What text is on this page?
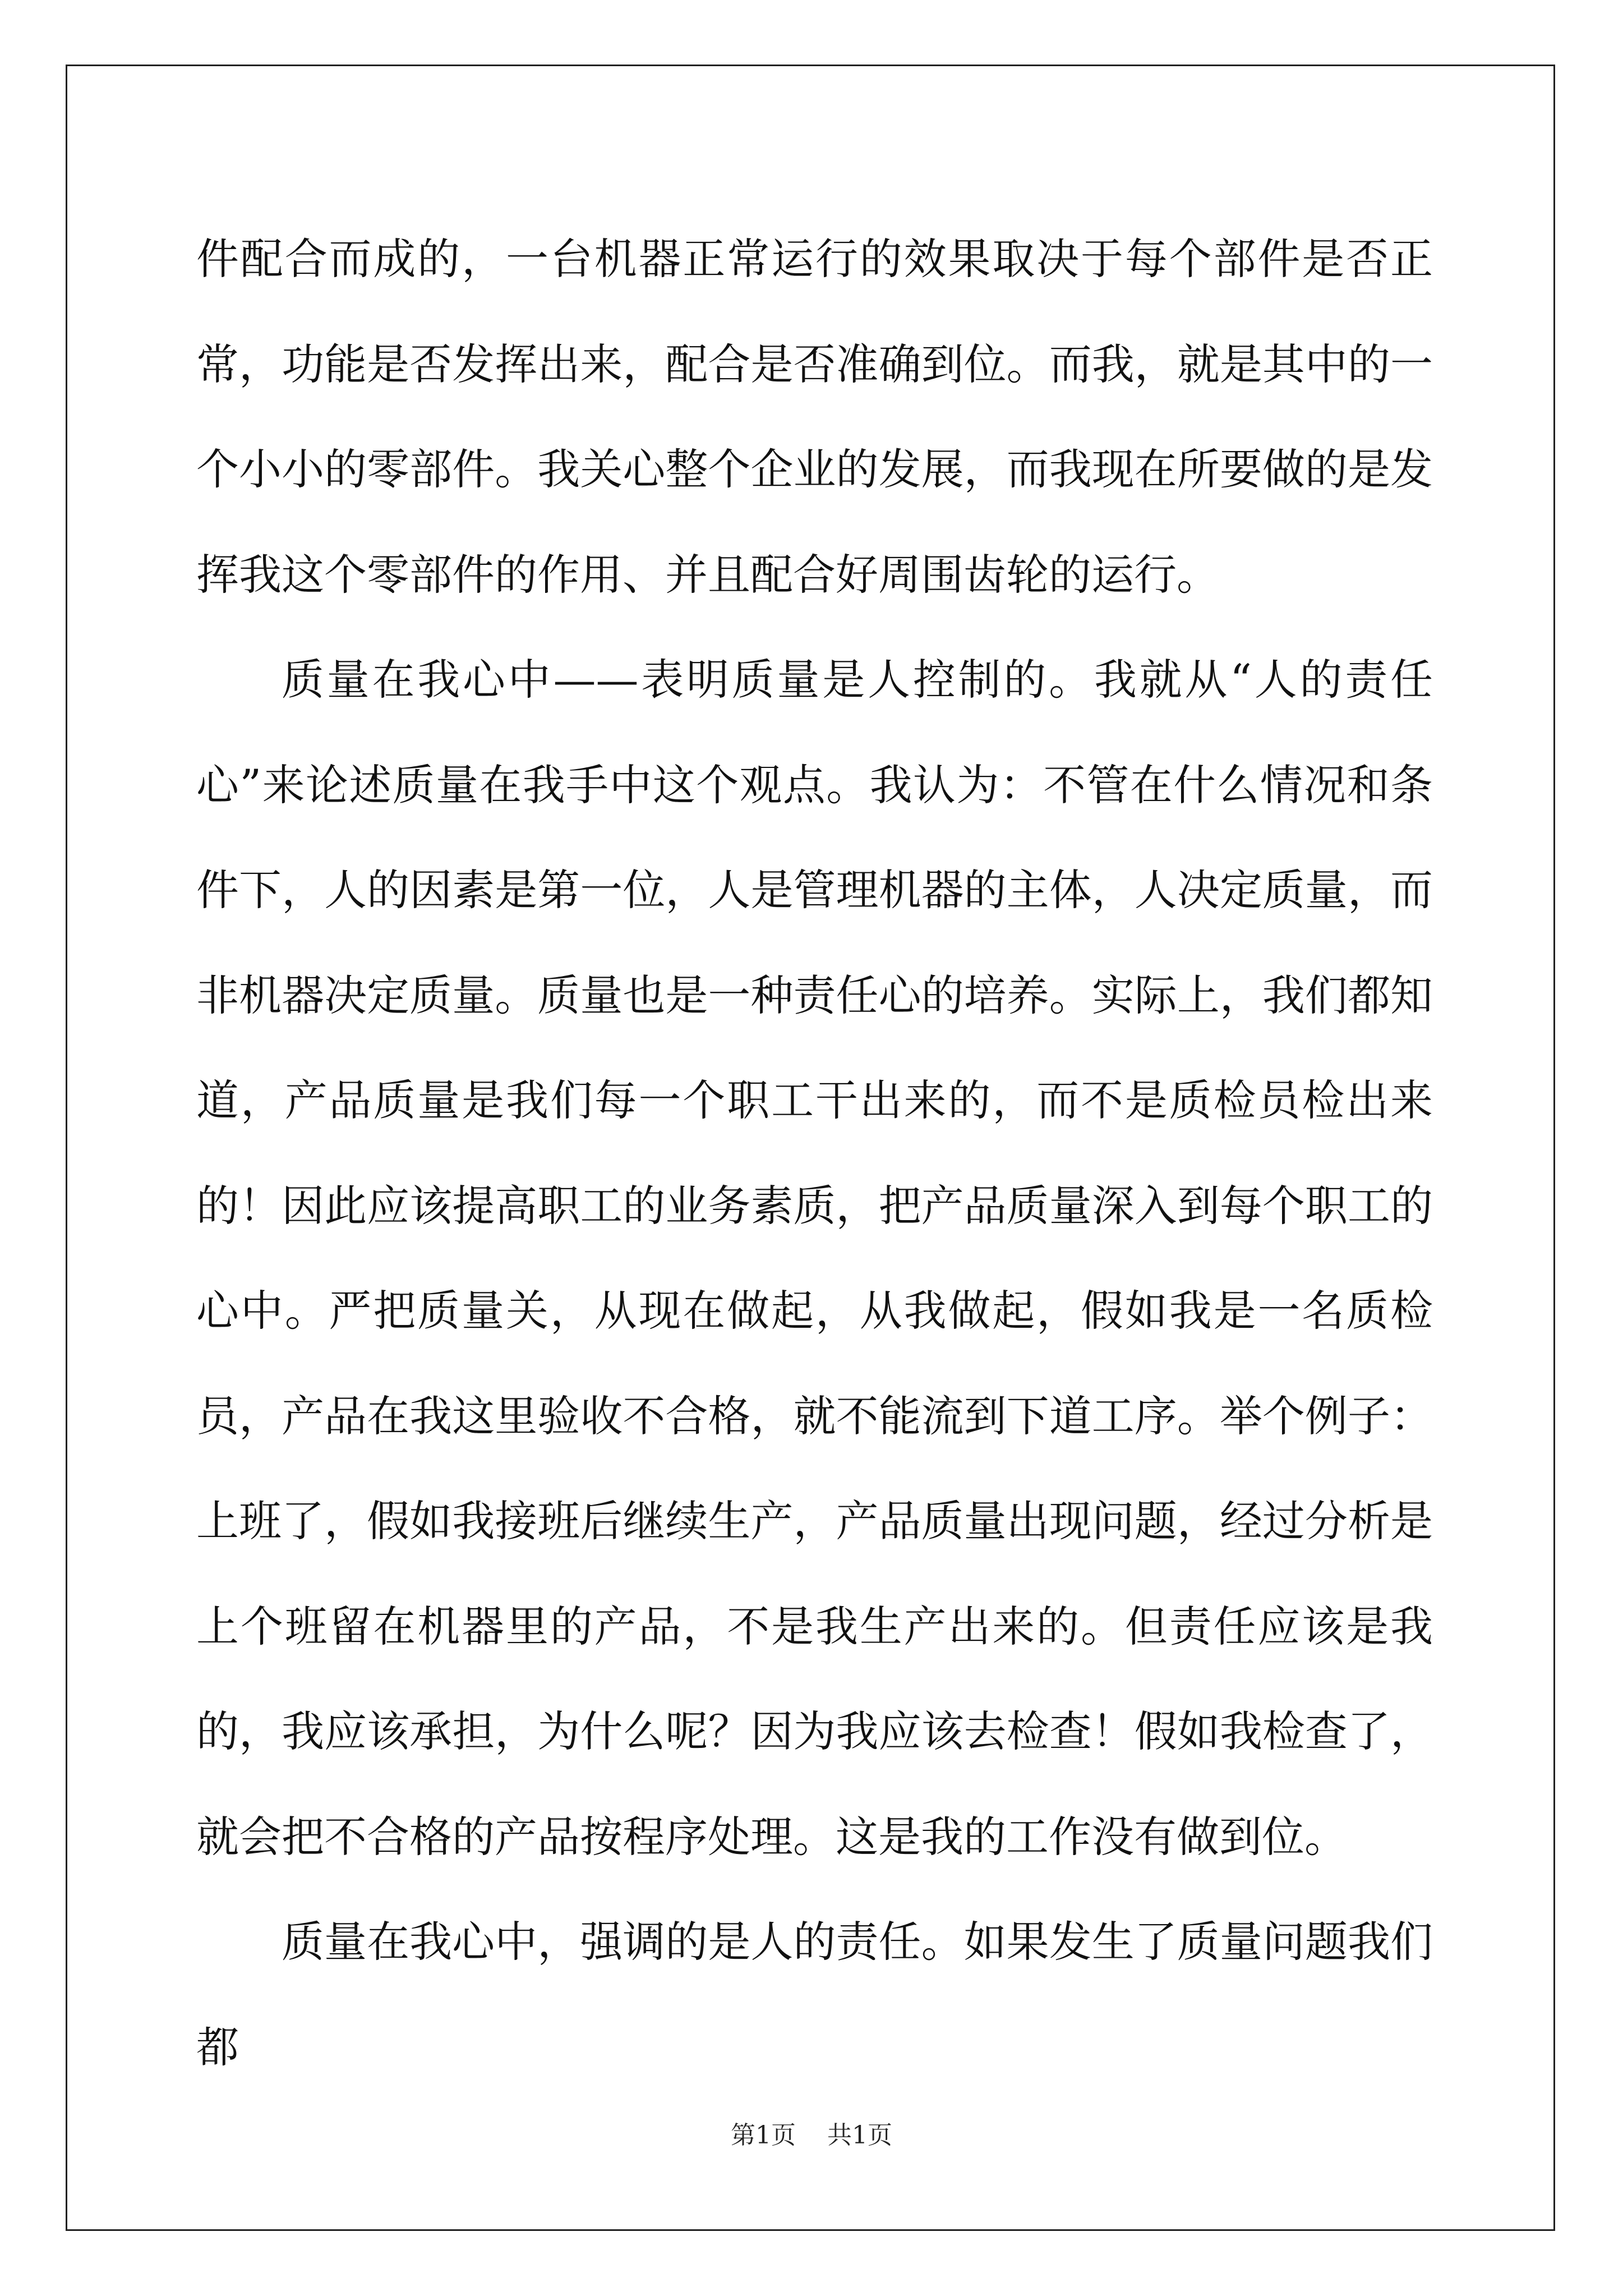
件配合而成的，一台机器正常运行的效果取决于每个部件是否正常，功能是否发挥出来，配合是否准确到位。而我，就是其中的一个小小的零部件。我关心整个企业的发展，而我现在所要做的是发挥我这个零部件的作用、并且配合好周围齿轮的运行。

质量在我心中——表明质量是人控制的。我就从“人的责任心”来论述质量在我手中这个观点。我认为：不管在什么情况和条件下，人的因素是第一位，人是管理机器的主体，人决定质量，而非机器决定质量。质量也是一种责任心的培养。实际上，我们都知道，产品质量是我们每一个职工干出来的，而不是质检员检出来的！因此应该提高职工的业务素质，把产品质量深入到每个职工的心中。严把质量关，从现在做起，从我做起，假如我是一名质检员，产品在我这里验收不合格，就不能流到下道工序。举个例子：上班了，假如我接班后继续生产，产品质量出现问题，经过分析是上个班留在机器里的产品，不是我生产出来的。但责任应该是我的，我应该承担，为什么呢？因为我应该去检查！假如我检查了，就会把不合格的产品按程序处理。这是我的工作没有做到位。

质量在我心中，强调的是人的责任。如果发生了质量问题我们都

第1页 共1页
